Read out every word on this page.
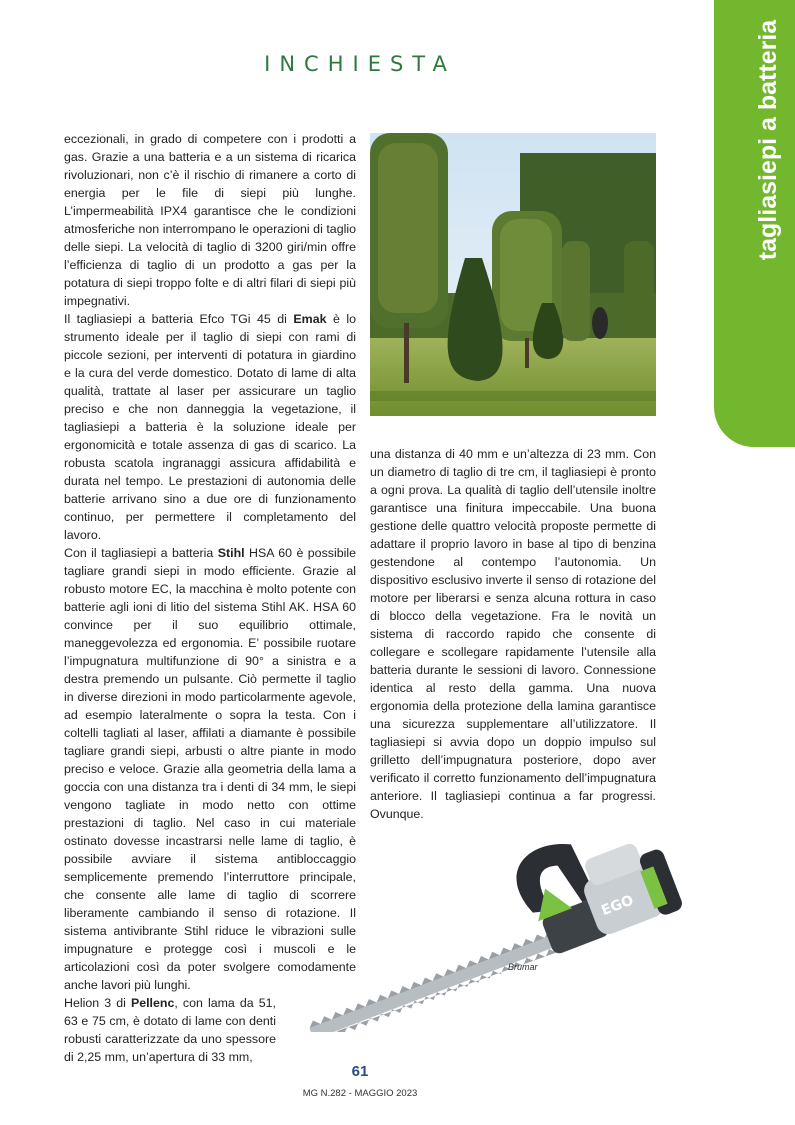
INCHIESTA	tagliasiepi a batteria

eccezionali, in grado di competere con i prodotti a gas. Grazie a una batteria e a un sistema di ricarica rivoluzionari, non c’è il rischio di rimanere a corto di energia per le file di siepi più lunghe. L’impermeabilità IPX4 garantisce che le condizioni atmosferiche non interrompano le operazioni di taglio delle siepi. La velocità di taglio di 3200 giri/min offre l’efficienza di taglio di un prodotto a gas per la potatura di siepi troppo folte e di altri filari di siepi più impegnativi.

Il tagliasiepi a batteria Efco TGi 45 di Emak è lo strumento ideale per il taglio di siepi con rami di piccole sezioni, per interventi di potatura in giardino e la cura del verde domestico. Dotato di lame di alta qualità, trattate al laser per assicurare un taglio preciso e che non danneggia la vegetazione, il tagliasiepi a batteria è la soluzione ideale per ergonomicità e totale assenza di gas di scarico. La robusta scatola ingranaggi assicura affidabilità e durata nel tempo. Le prestazioni di autonomia delle batterie arrivano sino a due ore di funzionamento continuo, per permettere il completamento del lavoro.

Con il tagliasiepi a batteria Stihl HSA 60 è possibile tagliare grandi siepi in modo efficiente. Grazie al robusto motore EC, la macchina è molto potente con batterie agli ioni di litio del sistema Stihl AK. HSA 60 convince per il suo equilibrio ottimale, maneggevolezza ed ergonomia. E’ possibile ruotare l’impugnatura multifunzione di 90° a sinistra e a destra premendo un pulsante. Ciò permette il taglio in diverse direzioni in modo particolarmente agevole, ad esempio lateralmente o sopra la testa. Con i coltelli tagliati al laser, affilati a diamante è possibile tagliare grandi siepi, arbusti o altre piante in modo preciso e veloce. Grazie alla geometria della lama a goccia con una distanza tra i denti di 34 mm, le siepi vengono tagliate in modo netto con ottime prestazioni di taglio. Nel caso in cui materiale ostinato dovesse incastrarsi nelle lame di taglio, è possibile avviare il sistema antibloccaggio semplicemente premendo l’interruttore principale, che consente alle lame di taglio di scorrere liberamente cambiando il senso di rotazione. Il sistema antivibrante Stihl riduce le vibrazioni sulle impugnature e protegge così i muscoli e le articolazioni così da poter svolgere comodamente anche lavori più lunghi.

Helion 3 di Pellenc, con lama da 51, 63 e 75 cm, è dotato di lame con denti robusti caratterizzate da uno spessore di 2,25 mm, un’apertura di 33 mm,

una distanza di 40 mm e un’altezza di 23 mm. Con un diametro di taglio di tre cm, il tagliasiepi è pronto a ogni prova. La qualità di taglio dell’utensile inoltre garantisce una finitura impeccabile. Una buona gestione delle quattro velocità proposte permette di adattare il proprio lavoro in base al tipo di benzina gestendone al contempo l’autonomia. Un dispositivo esclusivo inverte il senso di rotazione del motore per liberarsi e senza alcuna rottura in caso di blocco della vegetazione. Fra le novità un sistema di raccordo rapido che consente di collegare e scollegare rapidamente l’utensile alla batteria durante le sessioni di lavoro. Connessione identica al resto della gamma. Una nuova ergonomia della protezione della lamina garantisce una sicurezza supplementare all’utilizzatore. Il tagliasiepi si avvia dopo un doppio impulso sul grilletto dell’impugnatura posteriore, dopo aver verificato il corretto funzionamento dell’impugnatura anteriore. Il tagliasiepi continua a far progressi. Ovunque.

EGO
Brumar
61
MG N.282 - MAGGIO 2023
